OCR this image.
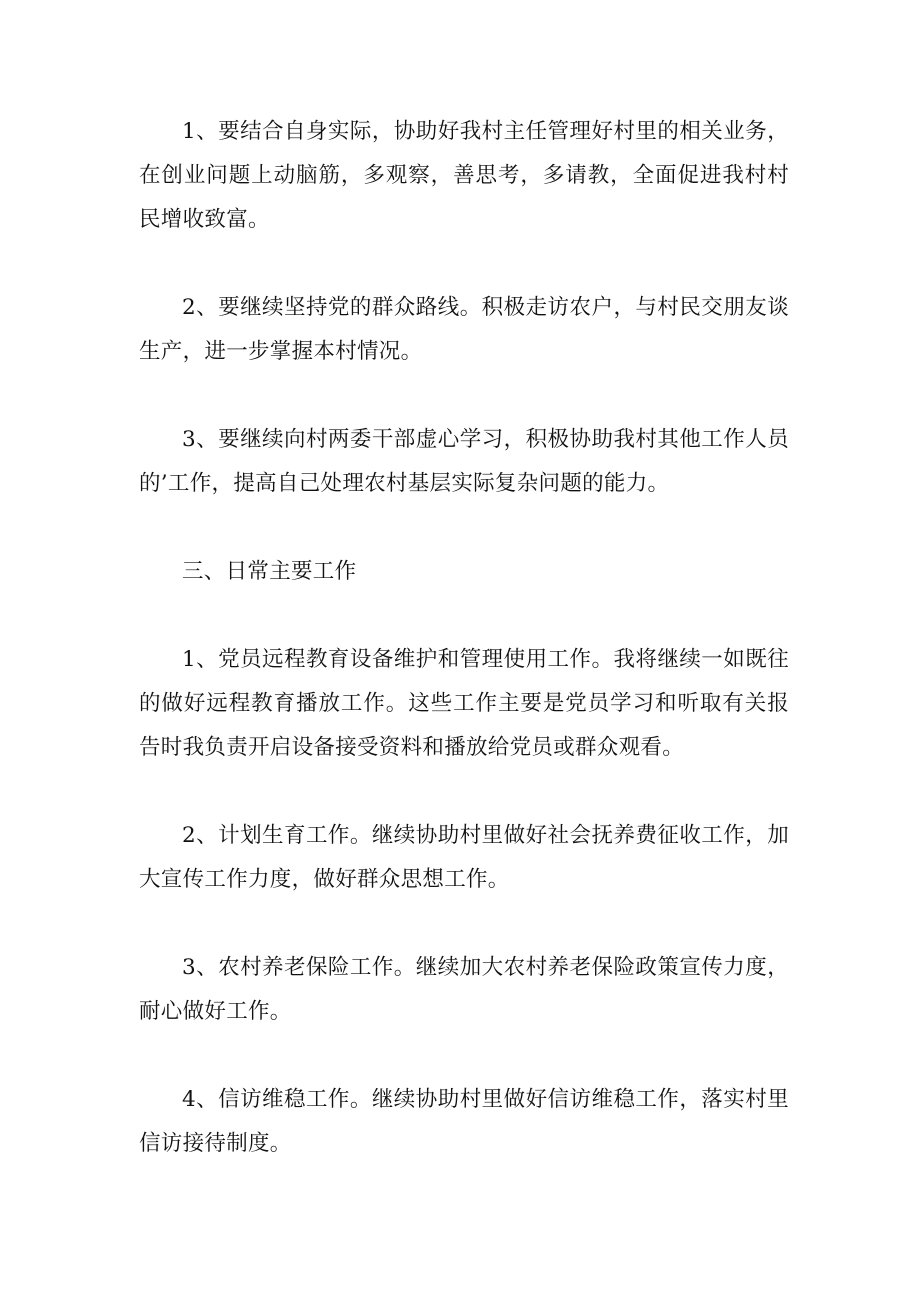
1、要结合自身实际，协助好我村主任管理好村里的相关业务，在创业问题上动脑筋，多观察，善思考，多请教，全面促进我村村民增收致富。

2、要继续坚持党的群众路线。积极走访农户，与村民交朋友谈生产，进一步掌握本村情况。

3、要继续向村两委干部虚心学习，积极协助我村其他工作人员的’工作，提高自己处理农村基层实际复杂问题的能力。

三、日常主要工作

1、党员远程教育设备维护和管理使用工作。我将继续一如既往的做好远程教育播放工作。这些工作主要是党员学习和听取有关报告时我负责开启设备接受资料和播放给党员或群众观看。

2、计划生育工作。继续协助村里做好社会抚养费征收工作，加大宣传工作力度，做好群众思想工作。

3、农村养老保险工作。继续加大农村养老保险政策宣传力度，耐心做好工作。

4、信访维稳工作。继续协助村里做好信访维稳工作，落实村里信访接待制度。
